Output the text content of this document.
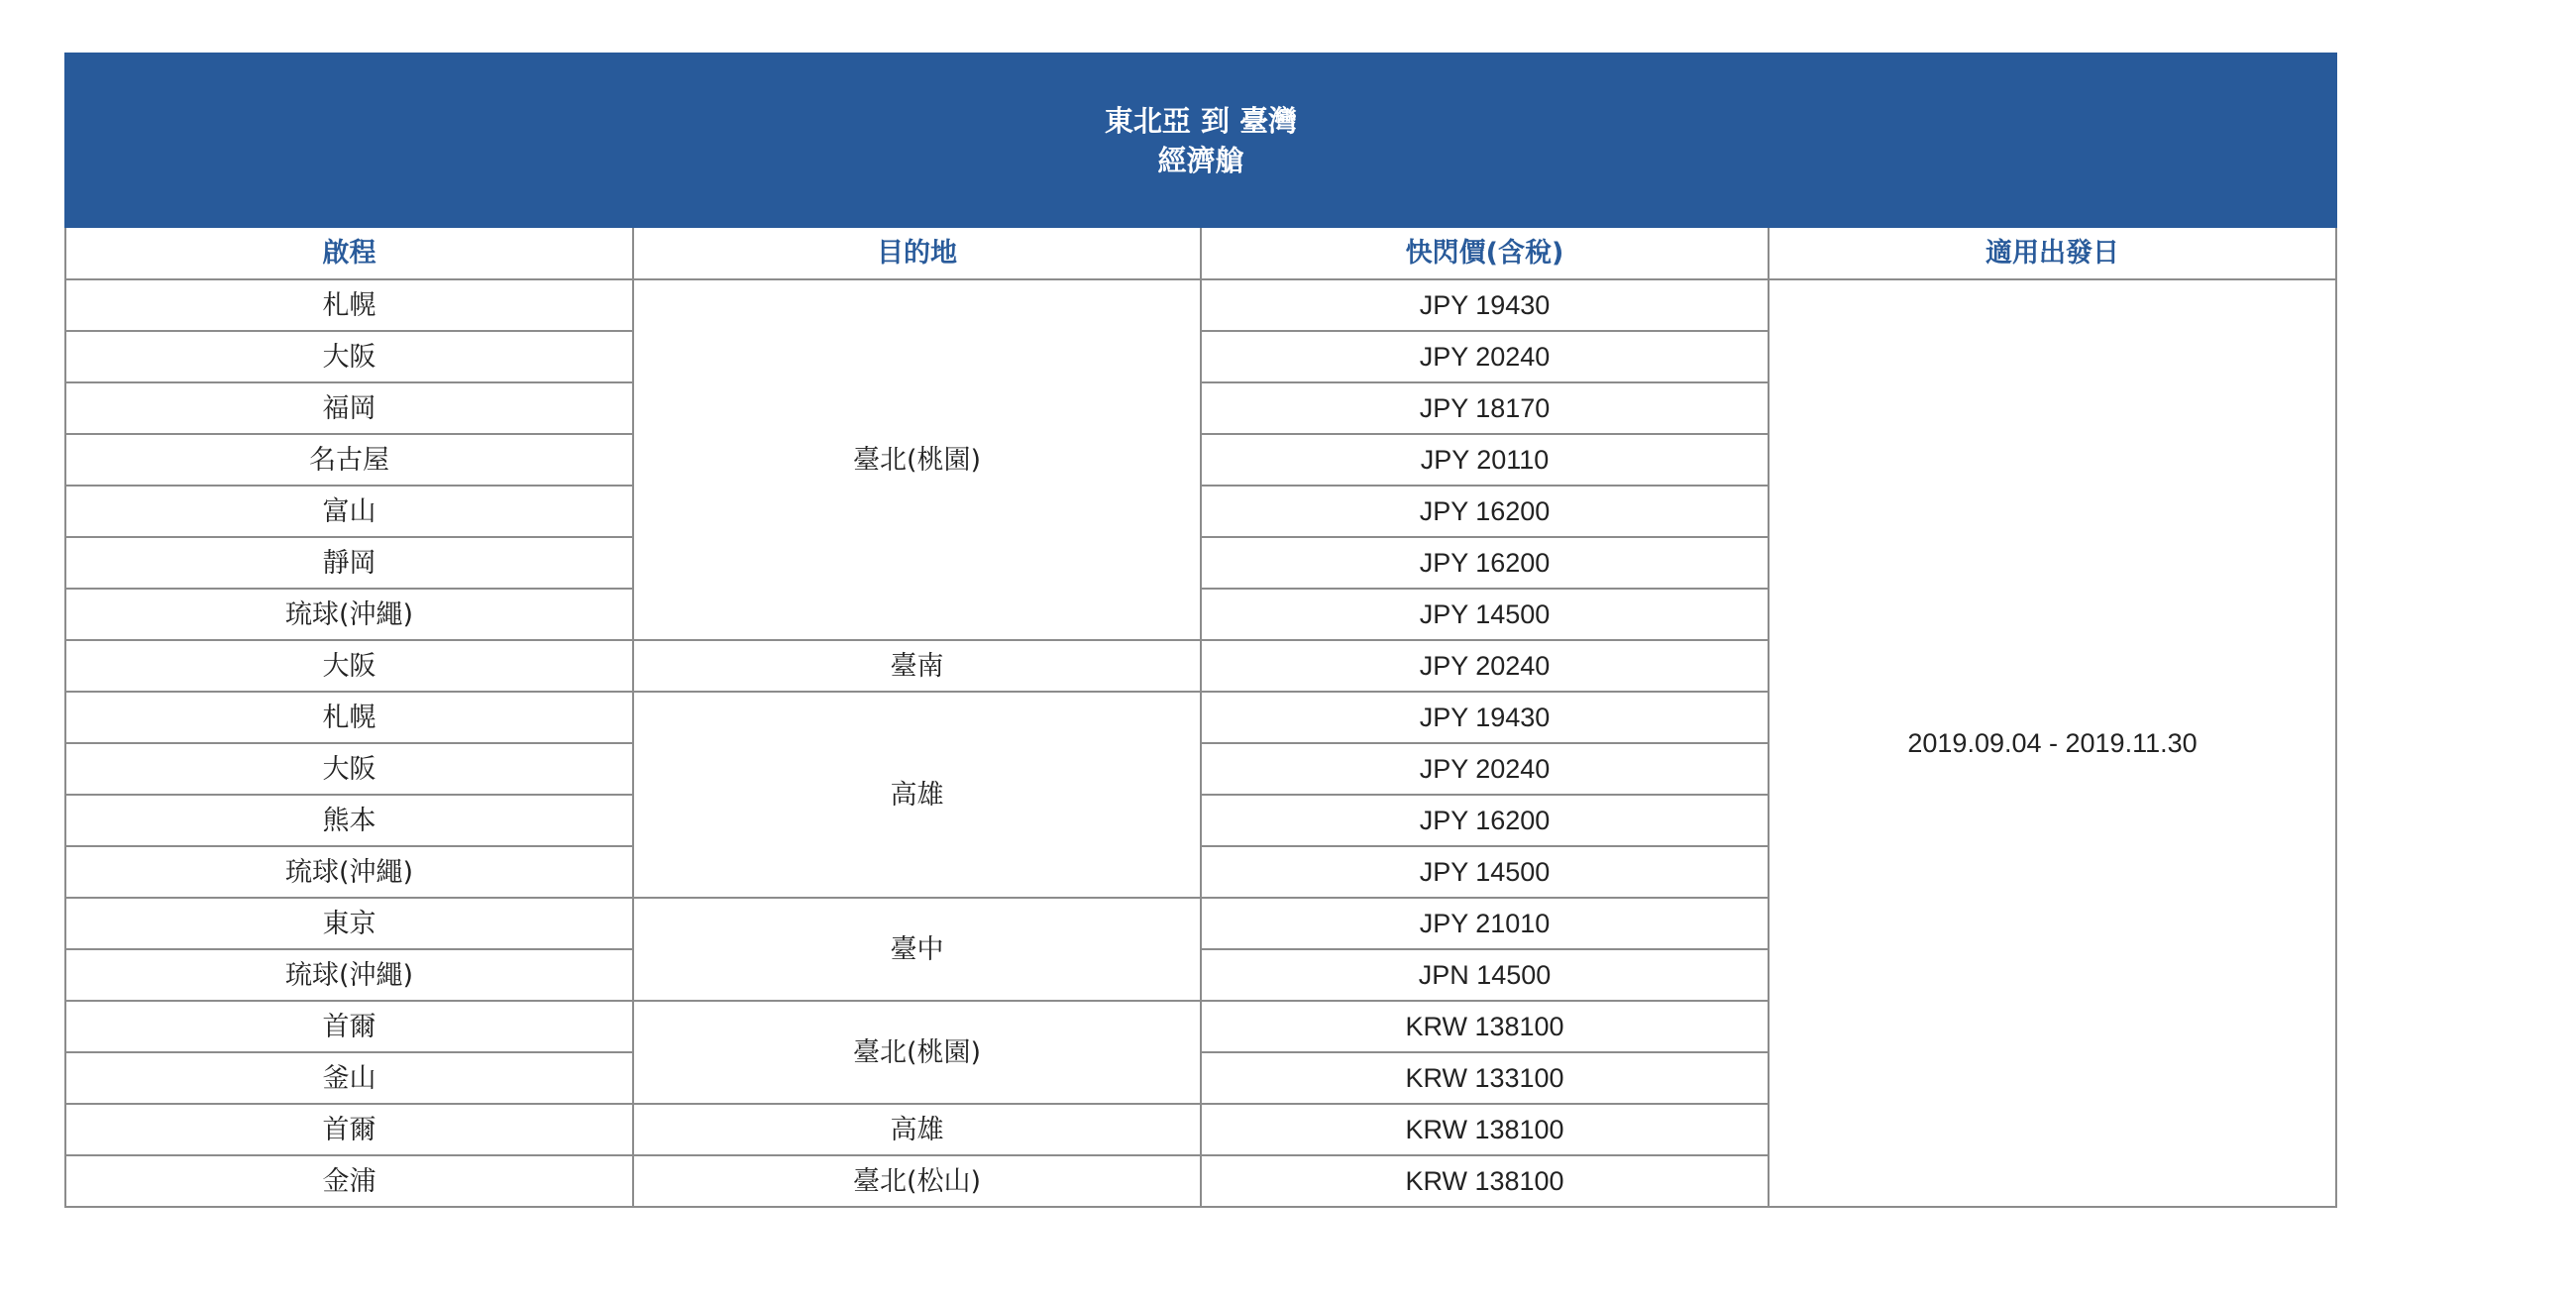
東北亞 到 臺灣
經濟艙			

啟程	目的地	快閃價(含稅)	適用出發日
札幌	臺北(桃園)	JPY 19430	2019.09.04 - 2019.11.30
大阪		JPY 20240	
福岡		JPY 18170	
名古屋		JPY 20110	
富山		JPY 16200	
靜岡		JPY 16200	
琉球(沖繩)		JPY 14500	
大阪	臺南	JPY 20240	
札幌	高雄	JPY 19430	
大阪		JPY 20240	
熊本		JPY 16200	
琉球(沖繩)		JPY 14500	
東京	臺中	JPY 21010	
琉球(沖繩)		JPN 14500	
首爾	臺北(桃園)	KRW 138100	
釜山		KRW 133100	
首爾	高雄	KRW 138100	
金浦	臺北(松山)	KRW 138100	
